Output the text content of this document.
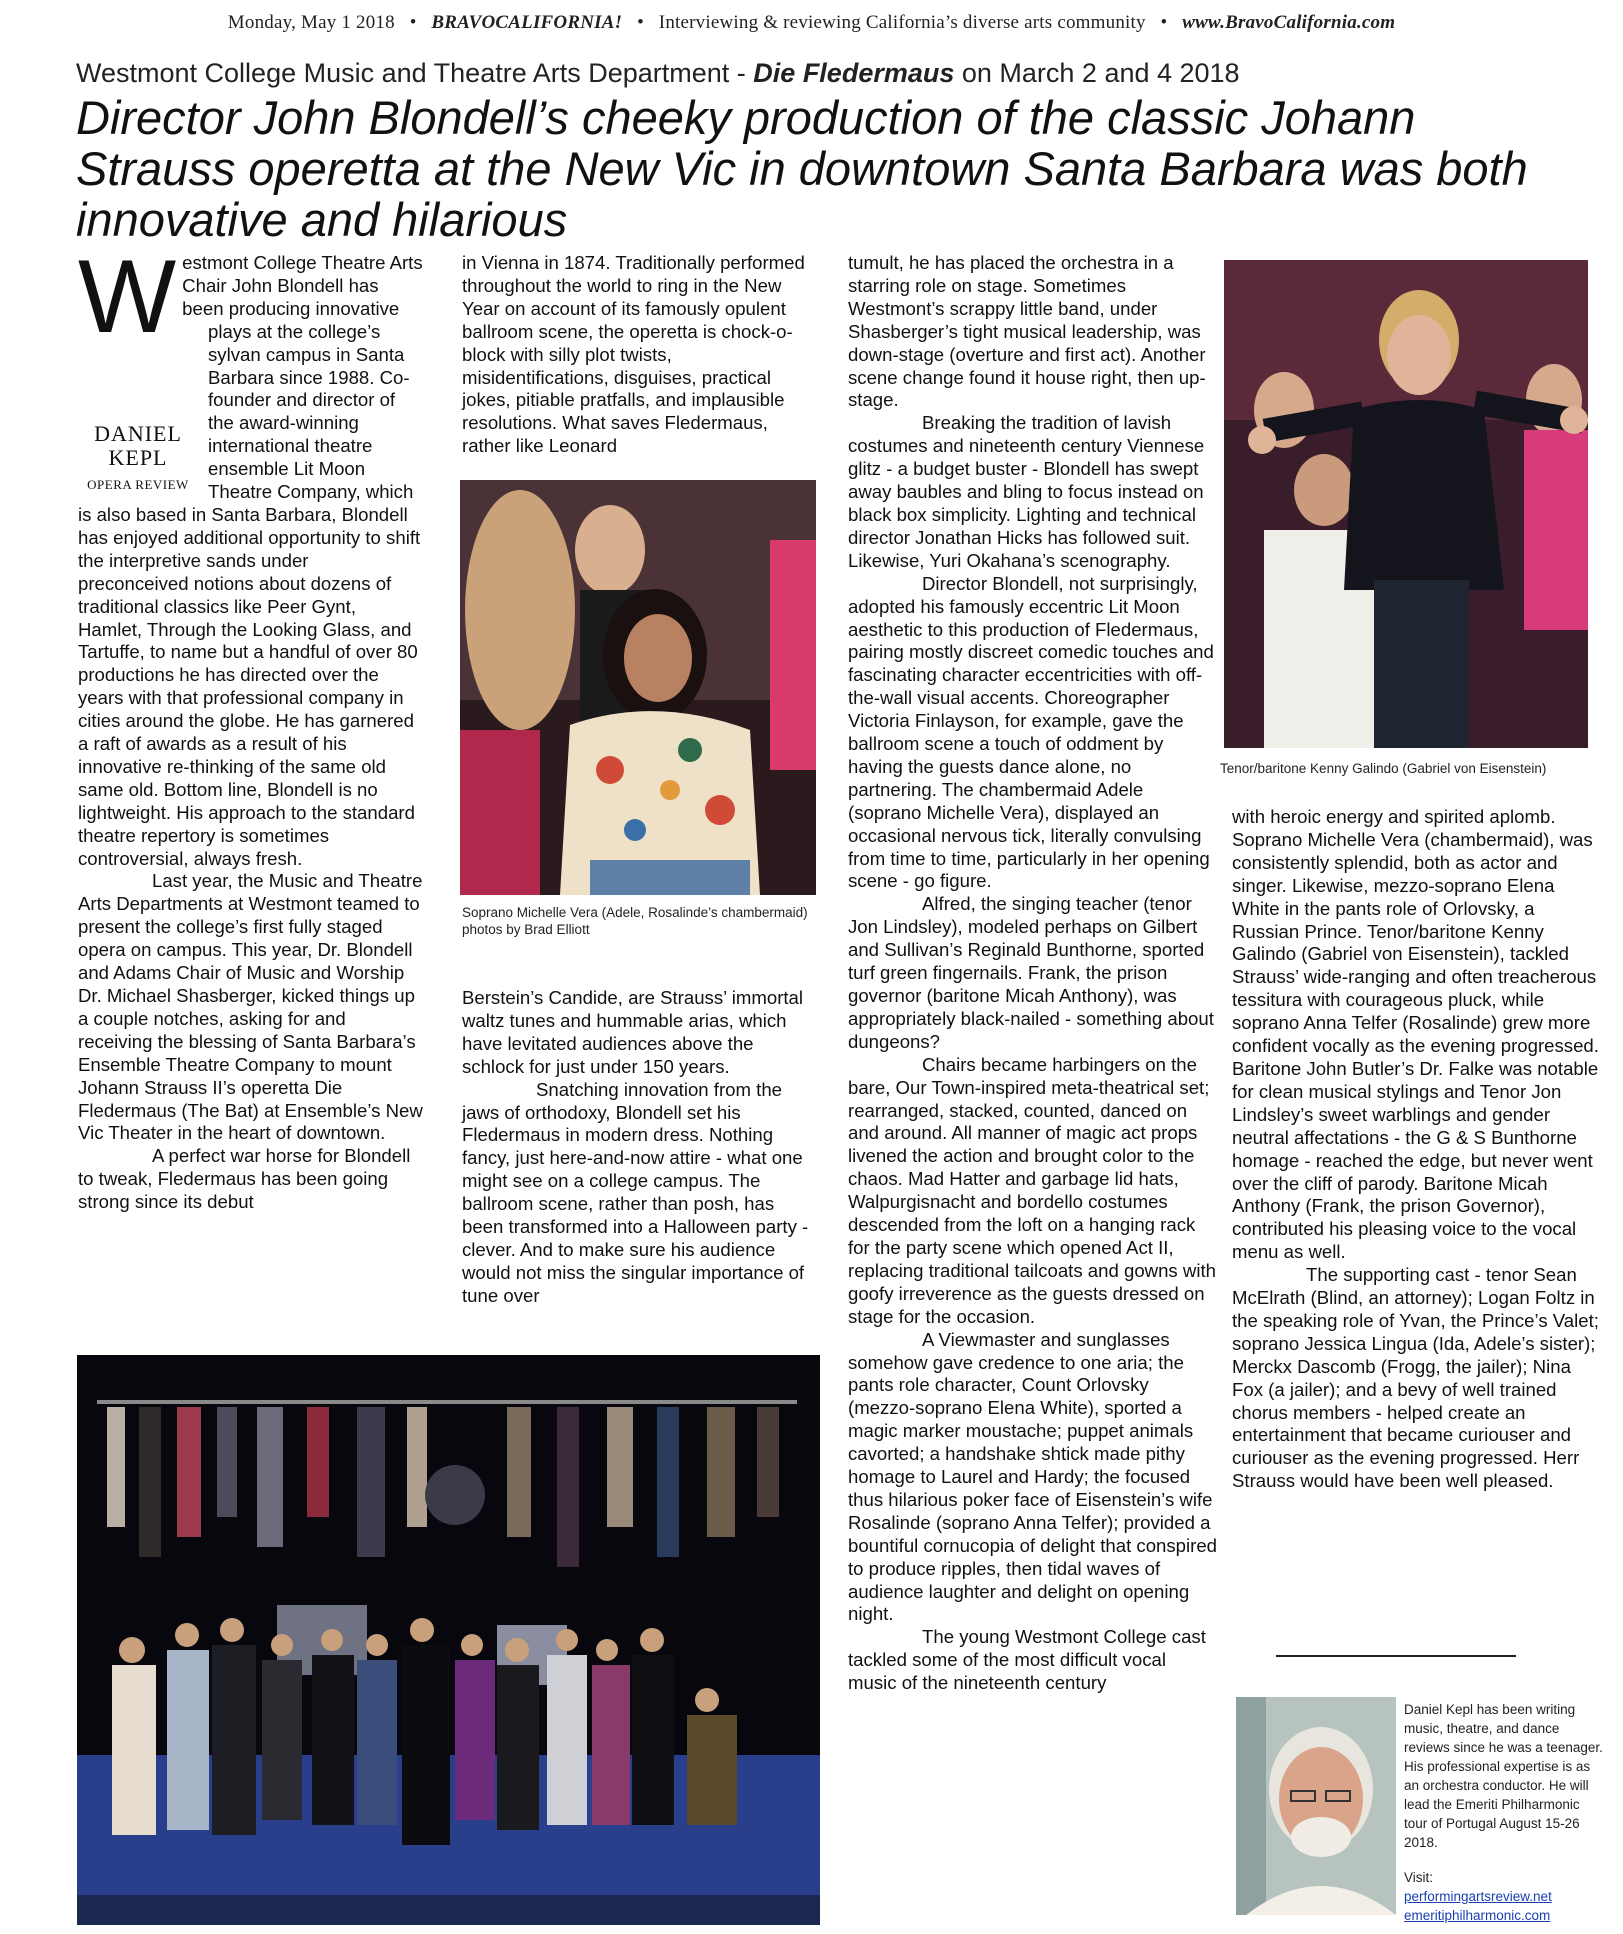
Monday, May 1 2018 • BRAVOCALIFORNIA! • Interviewing & reviewing California’s diverse arts community • www.BravoCalifornia.com
Westmont College Music and Theatre Arts Department - Die Fledermaus on March 2 and 4 2018
Director John Blondell’s cheeky production of the classic Johann Strauss operetta at the New Vic in downtown Santa Barbara was both innovative and hilarious
W
DANIEL
KEPL
OPERA REVIEW

estmont College Theatre Arts Chair John Blondell has been producing innovative plays at the college’s sylvan campus in Santa Barbara since 1988. Co-founder and director of the award-winning international theatre ensemble Lit Moon Theatre Company, which is also based in Santa Barbara, Blondell has enjoyed additional opportunity to shift the interpretive sands under preconceived notions about dozens of traditional classics like Peer Gynt, Hamlet, Through the Looking Glass, and Tartuffe, to name but a handful of over 80 productions he has directed over the years with that professional company in cities around the globe. He has garnered a raft of awards as a result of his innovative re-thinking of the same old same old. Bottom line, Blondell is no lightweight. His approach to the standard theatre repertory is sometimes controversial, always fresh.

Last year, the Music and Theatre Arts Departments at Westmont teamed to present the college’s first fully staged opera on campus. This year, Dr. Blondell and Adams Chair of Music and Worship Dr. Michael Shasberger, kicked things up a couple notches, asking for and receiving the blessing of Santa Barbara’s Ensemble Theatre Company to mount Johann Strauss II’s operetta Die Fledermaus (The Bat) at Ensemble’s New Vic Theater in the heart of downtown.

A perfect war horse for Blondell to tweak, Fledermaus has been going strong since its debut

in Vienna in 1874. Traditionally performed throughout the world to ring in the New Year on account of its famously opulent ballroom scene, the operetta is chock-o-block with silly plot twists, misidentifications, disguises, practical jokes, pitiable pratfalls, and implausible resolutions. What saves Fledermaus, rather like Leonard

Soprano Michelle Vera (Adele, Rosalinde’s chambermaid) photos by Brad Elliott

Berstein’s Candide, are Strauss’ immortal waltz tunes and hummable arias, which have levitated audiences above the schlock for just under 150 years.

Snatching innovation from the jaws of orthodoxy, Blondell set his Fledermaus in modern dress. Nothing fancy, just here-and-now attire - what one might see on a college campus. The ballroom scene, rather than posh, has been transformed into a Halloween party - clever. And to make sure his audience would not miss the singular importance of tune over

tumult, he has placed the orchestra in a starring role on stage. Sometimes Westmont’s scrappy little band, under Shasberger’s tight musical leadership, was down-stage (overture and first act). Another scene change found it house right, then up-stage.

Breaking the tradition of lavish costumes and nineteenth century Viennese glitz - a budget buster - Blondell has swept away baubles and bling to focus instead on black box simplicity. Lighting and technical director Jonathan Hicks has followed suit. Likewise, Yuri Okahana’s scenography.

Director Blondell, not surprisingly, adopted his famously eccentric Lit Moon aesthetic to this production of Fledermaus, pairing mostly discreet comedic touches and fascinating character eccentricities with off-the-wall visual accents. Choreographer Victoria Finlayson, for example, gave the ballroom scene a touch of oddment by having the guests dance alone, no partnering. The chambermaid Adele (soprano Michelle Vera), displayed an occasional nervous tick, literally convulsing from time to time, particularly in her opening scene - go figure.

Alfred, the singing teacher (tenor Jon Lindsley), modeled perhaps on Gilbert and Sullivan’s Reginald Bunthorne, sported turf green fingernails. Frank, the prison governor (baritone Micah Anthony), was appropriately black-nailed - something about dungeons?

Chairs became harbingers on the bare, Our Town-inspired meta-theatrical set; rearranged, stacked, counted, danced on and around. All manner of magic act props livened the action and brought color to the chaos. Mad Hatter and garbage lid hats, Walpurgisnacht and bordello costumes descended from the loft on a hanging rack for the party scene which opened Act II, replacing traditional tailcoats and gowns with goofy irreverence as the guests dressed on stage for the occasion.

A Viewmaster and sunglasses somehow gave credence to one aria; the pants role character, Count Orlovsky (mezzo-soprano Elena White), sported a magic marker moustache; puppet animals cavorted; a handshake shtick made pithy homage to Laurel and Hardy; the focused thus hilarious poker face of Eisenstein’s wife Rosalinde (soprano Anna Telfer); provided a bountiful cornucopia of delight that conspired to produce ripples, then tidal waves of audience laughter and delight on opening night.

The young Westmont College cast tackled some of the most difficult vocal music of the nineteenth century

Tenor/baritone Kenny Galindo (Gabriel von Eisenstein)

with heroic energy and spirited aplomb. Soprano Michelle Vera (chambermaid), was consistently splendid, both as actor and singer. Likewise, mezzo-soprano Elena White in the pants role of Orlovsky, a Russian Prince. Tenor/baritone Kenny Galindo (Gabriel von Eisenstein), tackled Strauss’ wide-ranging and often treacherous tessitura with courageous pluck, while soprano Anna Telfer (Rosalinde) grew more confident vocally as the evening progressed. Baritone John Butler’s Dr. Falke was notable for clean musical stylings and Tenor Jon Lindsley’s sweet warblings and gender neutral affectations - the G & S Bunthorne homage - reached the edge, but never went over the cliff of parody. Baritone Micah Anthony (Frank, the prison Governor), contributed his pleasing voice to the vocal menu as well.

The supporting cast - tenor Sean McElrath (Blind, an attorney); Logan Foltz in the speaking role of Yvan, the Prince’s Valet; soprano Jessica Lingua (Ida, Adele’s sister); Merckx Dascomb (Frogg, the jailer); Nina Fox (a jailer); and a bevy of well trained chorus members - helped create an entertainment that became curiouser and curiouser as the evening progressed. Herr Strauss would have been well pleased.

Daniel Kepl has been writing music, theatre, and dance reviews since he was a teenager. His professional expertise is as an orchestra conductor. He will lead the Emeriti Philharmonic tour of Portugal August 15-26 2018.
Visit:
performingartsreview.net
emeritiphilharmonic.com
